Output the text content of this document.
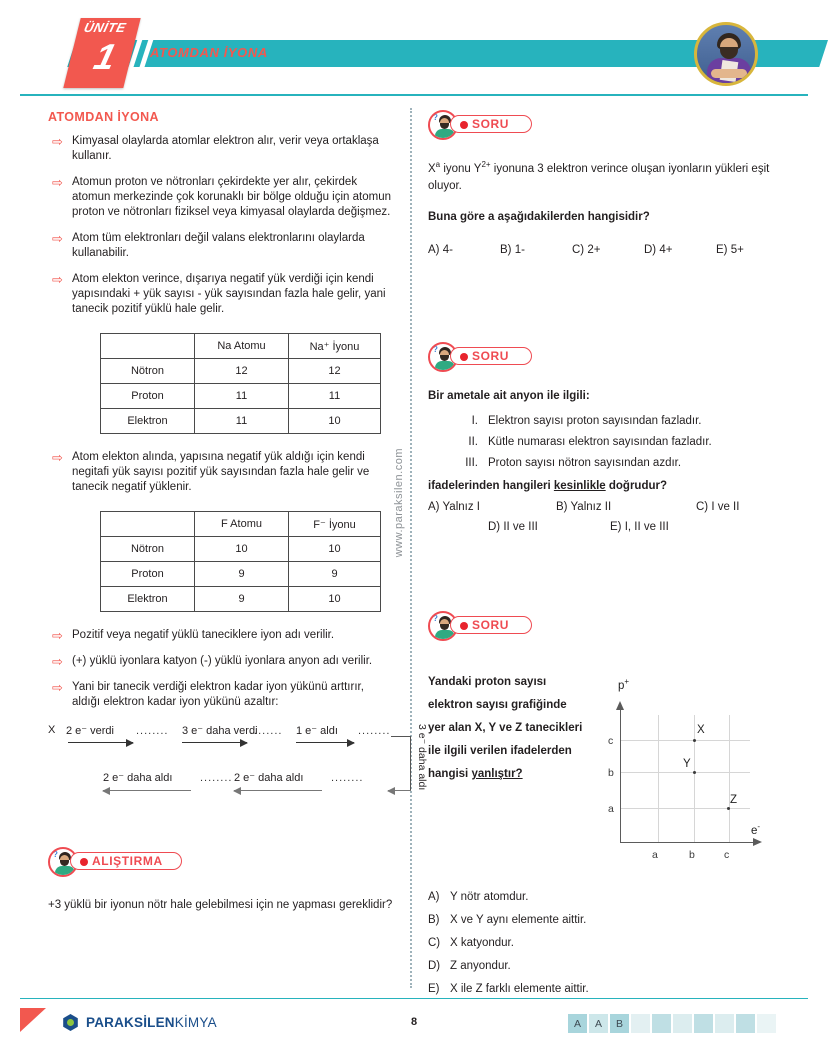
ÜNİTE
1	ATOMDAN İYONA
www.paraksilen.com
ATOMDAN İYONA
⇨ Kimyasal olaylarda atomlar elektron alır, verir veya ortaklaşa kullanır.
⇨ Atomun proton ve nötronları çekirdekte yer alır, çekirdek atomun merkezinde çok korunaklı bir bölge olduğu için atomun proton ve nötronları fiziksel veya kimyasal olaylarda değişmez.
⇨ Atom tüm elektronları değil valans elektronlarını olaylarda kullanabilir.
⇨ Atom elekton verince, dışarıya negatif yük verdiği için kendi yapısındaki + yük sayısı - yük sayısından fazla hale gelir, yani tanecik pozitif yüklü hale gelir.
	Na Atomu	Na⁺ İyonu
Nötron	12	12
Proton	11	11
Elektron	11	10
⇨ Atom elekton alında, yapısına negatif yük aldığı için kendi negitafi yük sayısı pozitif yük sayısından fazla hale gelir ve tanecik negatif yüklenir.
	F Atomu	F⁻ İyonu
Nötron	10	10
Proton	9	9
Elektron	9	10
⇨ Pozitif veya negatif yüklü taneciklere iyon adı verilir.
⇨ (+) yüklü iyonlara katyon (-) yüklü iyonlara anyon adı verilir.
⇨ Yani bir tanecik verdiği elektron kadar iyon yükünü arttırır, aldığı elektron kadar iyon yükünü azaltır:
X 2 e⁻ verdi ........ 3 e⁻ daha verdi
........ 1 e⁻ aldı ........ 3 e⁻ daha aldı
2 e⁻ daha aldı	........
2 e⁻ daha aldı	........
?	ALIŞTIRMA
+3 yüklü bir iyonun nötr hale gelebilmesi için ne yapması gereklidir?
?	SORU
$X^a$ iyonu $Y^{2+}$ iyonuna 3 elektron verince oluşan iyonların yükleri eşit oluyor.
Buna göre a aşağıdakilerden hangisidir?
A) 4-	B) 1-	C) 2+	D) 4+	E) 5+
?	SORU
Bir ametale ait anyon ile ilgili:
I. Elektron sayısı proton sayısından fazladır.
II. Kütle numarası elektron sayısından fazladır.
III. Proton sayısı nötron sayısından azdır.
ifadelerinden hangileri kesinlikle doğrudur?
A) Yalnız I	B) Yalnız II	C) I ve II
D) II ve III	E) I, II ve III
?	SORU
Yandaki proton sayısı
elektron sayısı grafiğinde
yer alan X, Y ve Z tanecikleri
ile ilgili verilen ifadelerden
hangisi yanlıştır?
p+
e-
a	b	c
a
b
c
X
Y
Z
A) Y nötr atomdur.
B) X ve Y aynı elemente aittir.
C) X katyondur.
D) Z anyondur.
E) X ile Z farklı elemente aittir.
PARAKSİLEN KİMYA	8	A	A	B
